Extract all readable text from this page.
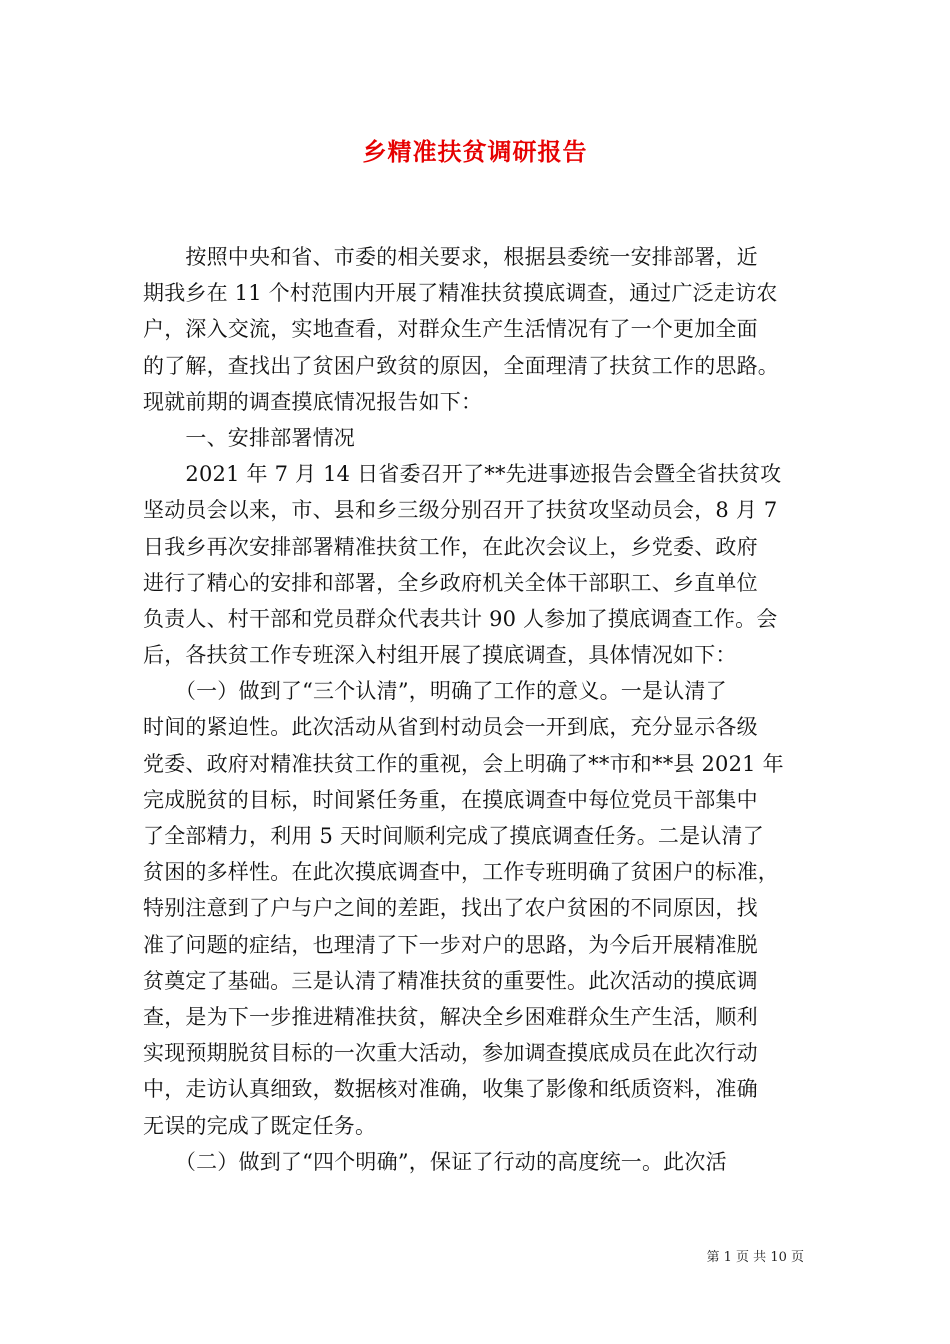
乡精准扶贫调研报告
　　按照中央和省、市委的相关要求，根据县委统一安排部署，近
期我乡在 11 个村范围内开展了精准扶贫摸底调查，通过广泛走访农
户，深入交流，实地查看，对群众生产生活情况有了一个更加全面
的了解，查找出了贫困户致贫的原因，全面理清了扶贫工作的思路。
现就前期的调查摸底情况报告如下：
　　一、安排部署情况
　　2021 年 7 月 14 日省委召开了**先进事迹报告会暨全省扶贫攻
坚动员会以来，市、县和乡三级分别召开了扶贫攻坚动员会，8 月 7
日我乡再次安排部署精准扶贫工作，在此次会议上，乡党委、政府
进行了精心的安排和部署，全乡政府机关全体干部职工、乡直单位
负责人、村干部和党员群众代表共计 90 人参加了摸底调查工作。会
后，各扶贫工作专班深入村组开展了摸底调查，具体情况如下：
　　（一）做到了“三个认清”，明确了工作的意义。一是认清了
时间的紧迫性。此次活动从省到村动员会一开到底，充分显示各级
党委、政府对精准扶贫工作的重视，会上明确了**市和**县 2021 年
完成脱贫的目标，时间紧任务重，在摸底调查中每位党员干部集中
了全部精力，利用 5 天时间顺利完成了摸底调查任务。二是认清了
贫困的多样性。在此次摸底调查中，工作专班明确了贫困户的标准，
特别注意到了户与户之间的差距，找出了农户贫困的不同原因，找
准了问题的症结，也理清了下一步对户的思路，为今后开展精准脱
贫奠定了基础。三是认清了精准扶贫的重要性。此次活动的摸底调
查，是为下一步推进精准扶贫，解决全乡困难群众生产生活，顺利
实现预期脱贫目标的一次重大活动，参加调查摸底成员在此次行动
中，走访认真细致，数据核对准确，收集了影像和纸质资料，准确
无误的完成了既定任务。
　　（二）做到了“四个明确”，保证了行动的高度统一。此次活
第 1 页 共 10 页
